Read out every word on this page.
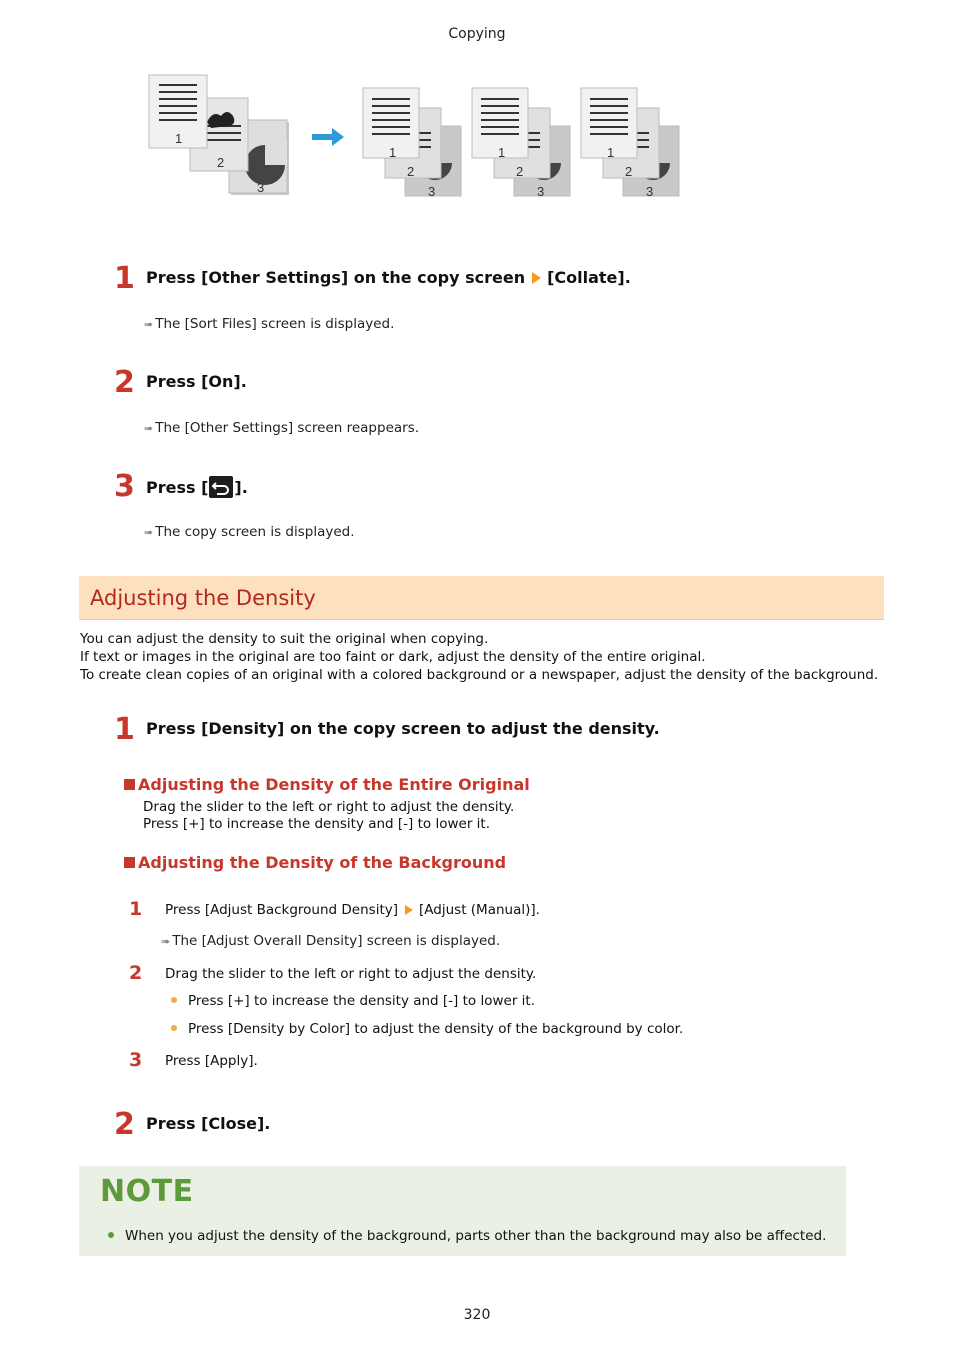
Copying
3
2
1
1
2
3
1
2
3
1
2
3
1 Press [Other Settings] on the copy screen [Collate].
➠ The [Sort Files] screen is displayed.
2 Press [On].
➠ The [Other Settings] screen reappears.
3 Press [ ].
➠ The copy screen is displayed.
Adjusting the Density
You can adjust the density to suit the original when copying.
If text or images in the original are too faint or dark, adjust the density of the entire original.
To create clean copies of an original with a colored background or a newspaper, adjust the density of the background.
1 Press [Density] on the copy screen to adjust the density.
Adjusting the Density of the Entire Original
Drag the slider to the left or right to adjust the density.
Press [+] to increase the density and [-] to lower it.
Adjusting the Density of the Background
1 Press [Adjust Background Density] [Adjust (Manual)].
➠ The [Adjust Overall Density] screen is displayed.
2 Drag the slider to the left or right to adjust the density.
Press [+] to increase the density and [-] to lower it.
Press [Density by Color] to adjust the density of the background by color.
3 Press [Apply].
2 Press [Close].
NOTE
When you adjust the density of the background, parts other than the background may also be affected.
320
